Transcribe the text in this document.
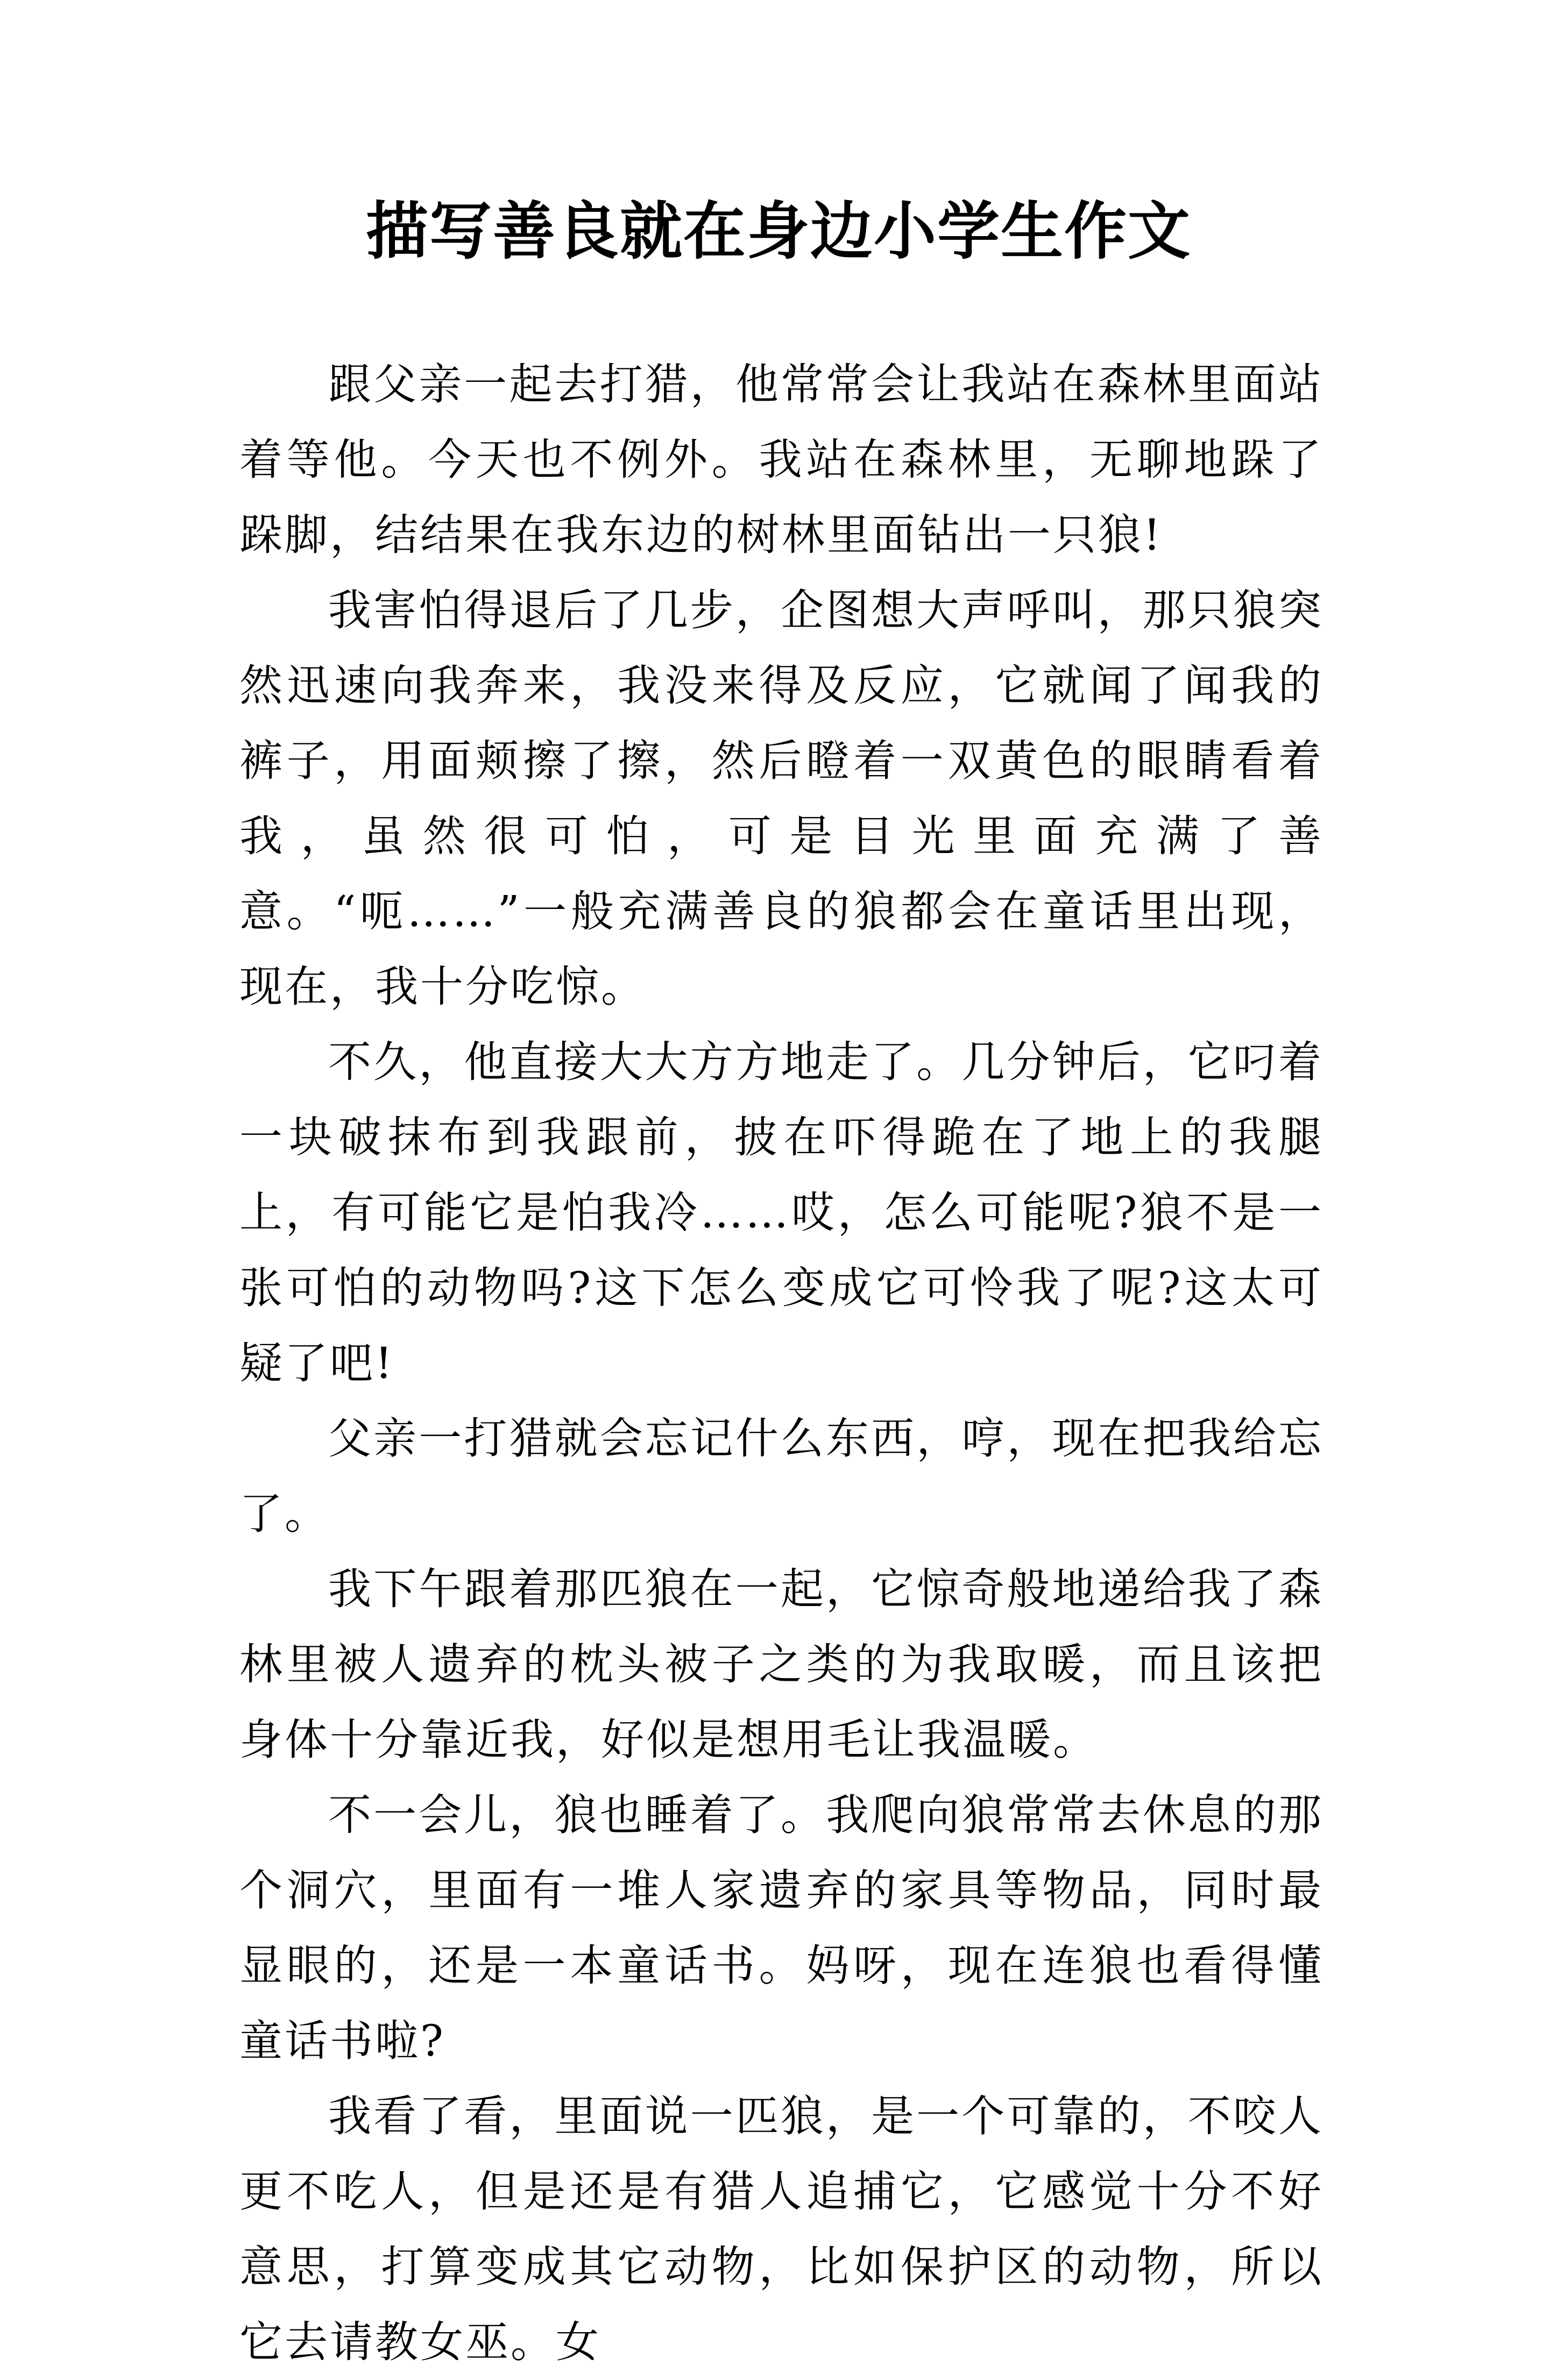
描写善良就在身边小学生作文

跟父亲一起去打猎，他常常会让我站在森林里面站着等他。今天也不例外。我站在森林里，无聊地跺了跺脚，结结果在我东边的树林里面钻出一只狼!

我害怕得退后了几步，企图想大声呼叫，那只狼突然迅速向我奔来，我没来得及反应，它就闻了闻我的裤子，用面颊擦了擦，然后瞪着一双黄色的眼睛看着我，虽然很可怕，可是目光里面充满了善意。“呃……”一般充满善良的狼都会在童话里出现，现在，我十分吃惊。

不久，他直接大大方方地走了。几分钟后，它叼着一块破抹布到我跟前，披在吓得跪在了地上的我腿上，有可能它是怕我冷……哎，怎么可能呢?狼不是一张可怕的动物吗?这下怎么变成它可怜我了呢?这太可疑了吧!

父亲一打猎就会忘记什么东西，哼，现在把我给忘了。

我下午跟着那匹狼在一起，它惊奇般地递给我了森林里被人遗弃的枕头被子之类的为我取暖，而且该把身体十分靠近我，好似是想用毛让我温暖。

不一会儿，狼也睡着了。我爬向狼常常去休息的那个洞穴，里面有一堆人家遗弃的家具等物品，同时最显眼的，还是一本童话书。妈呀，现在连狼也看得懂童话书啦?

我看了看，里面说一匹狼，是一个可靠的，不咬人更不吃人，但是还是有猎人追捕它，它感觉十分不好意思，打算变成其它动物，比如保护区的动物，所以它去请教女巫。女
